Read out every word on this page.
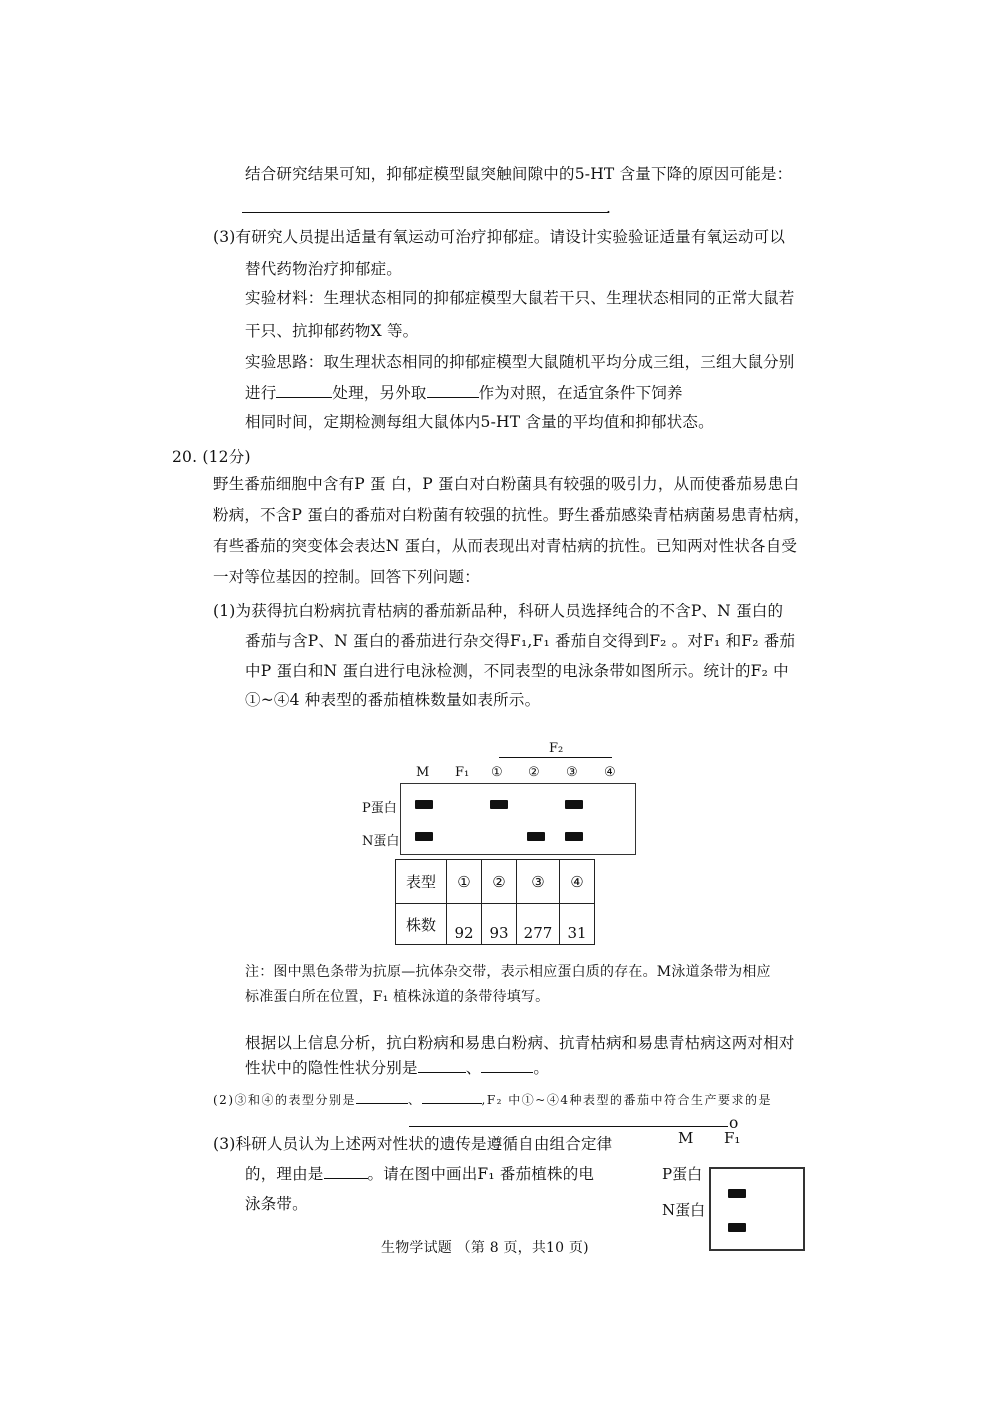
结合研究结果可知，抑郁症模型鼠突触间隙中的5-HT 含量下降的原因可能是：
.
(3)有研究人员提出适量有氧运动可治疗抑郁症。请设计实验验证适量有氧运动可以
替代药物治疗抑郁症。
实验材料：生理状态相同的抑郁症模型大鼠若干只、生理状态相同的正常大鼠若
干只、抗抑郁药物X 等。
实验思路：取生理状态相同的抑郁症模型大鼠随机平均分成三组，三组大鼠分别
进行	处理，另外取	作为对照，在适宜条件下饲养
相同时间，定期检测每组大鼠体内5-HT 含量的平均值和抑郁状态。
20. (12分)
野生番茄细胞中含有P 蛋 白，P 蛋白对白粉菌具有较强的吸引力，从而使番茄易患白
粉病，不含P 蛋白的番茄对白粉菌有较强的抗性。野生番茄感染青枯病菌易患青枯病，
有些番茄的突变体会表达N 蛋白，从而表现出对青枯病的抗性。已知两对性状各自受
一对等位基因的控制。回答下列问题：
(1)为获得抗白粉病抗青枯病的番茄新品种，科研人员选择纯合的不含P、N 蛋白的
番茄与含P、N 蛋白的番茄进行杂交得F₁,F₁ 番茄自交得到F₂ 。对F₁ 和F₂ 番茄
中P 蛋白和N 蛋白进行电泳检测，不同表型的电泳条带如图所示。统计的F₂ 中
①~④4 种表型的番茄植株数量如表所示。
F₂
M F₁ ① ② ③ ④
P蛋白
N蛋白
表型	①	②	③	④
株数	92	93	277	31
注：图中黑色条带为抗原—抗体杂交带，表示相应蛋白质的存在。M泳道条带为相应
标准蛋白所在位置，F₁ 植株泳道的条带待填写。
根据以上信息分析，抗白粉病和易患白粉病、抗青枯病和易患青枯病这两对相对
性状中的隐性性状分别是	、	。
(2)③和④的表型分别是	、	,F₂ 中①~④4种表型的番茄中符合生产要求的是
o
(3)科研人员认为上述两对性状的遗传是遵循自由组合定律
的，理由是	。请在图中画出F₁ 番茄植株的电
泳条带。
M F₁
P蛋白
N蛋白
生物学试题 （第 8 页，共10 页)
